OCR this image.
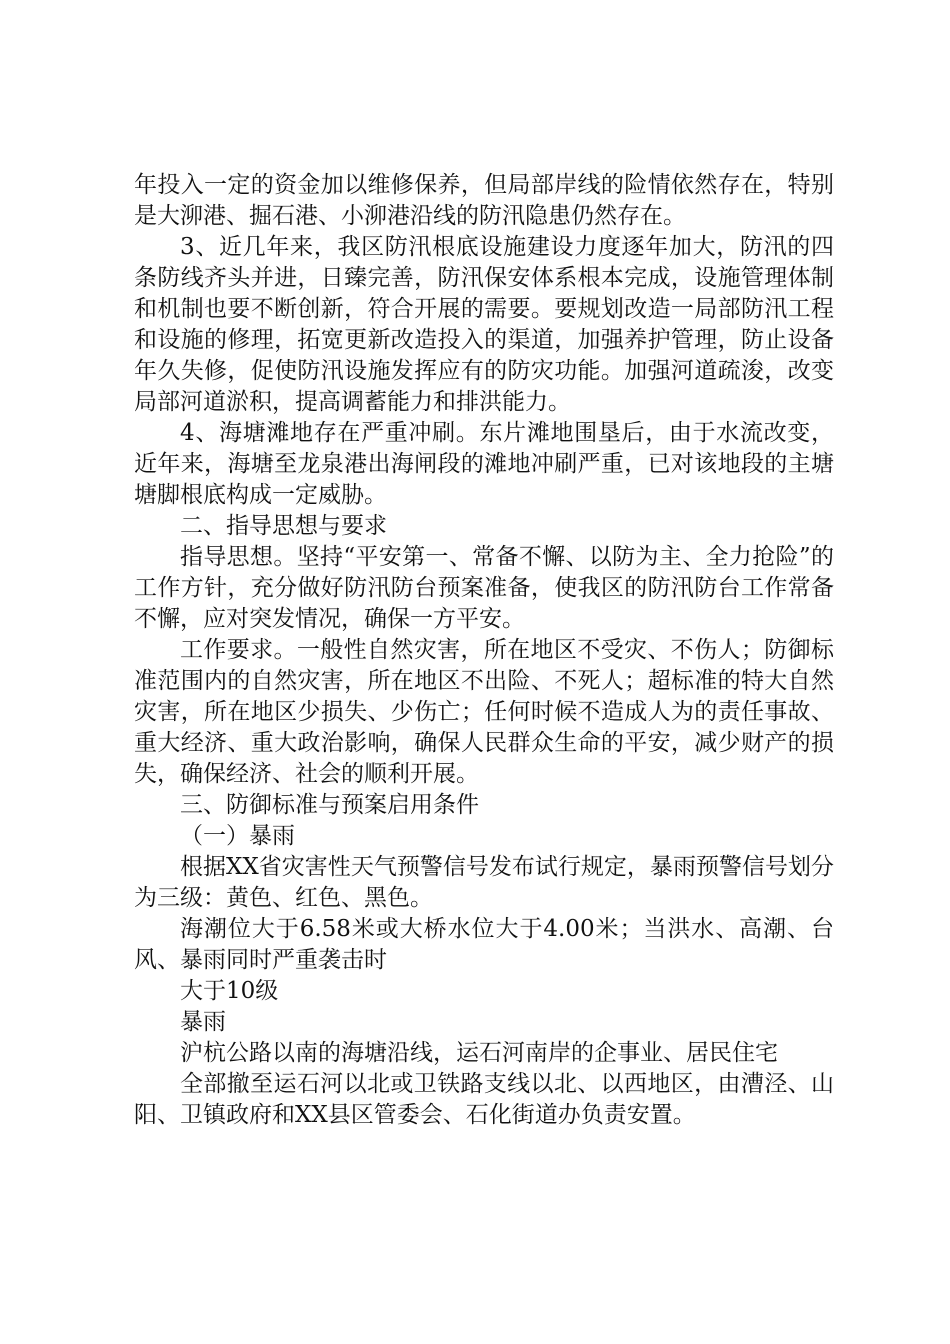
年投入一定的资金加以维修保养，但局部岸线的险情依然存在，特别是大泖港、掘石港、小泖港沿线的防汛隐患仍然存在。

3、近几年来，我区防汛根底设施建设力度逐年加大，防汛的四条防线齐头并进，日臻完善，防汛保安体系根本完成，设施管理体制和机制也要不断创新，符合开展的需要。要规划改造一局部防汛工程和设施的修理，拓宽更新改造投入的渠道，加强养护管理，防止设备年久失修，促使防汛设施发挥应有的防灾功能。加强河道疏浚，改变局部河道淤积，提高调蓄能力和排洪能力。

4、海塘滩地存在严重冲刷。东片滩地围垦后，由于水流改变，近年来，海塘至龙泉港出海闸段的滩地冲刷严重，已对该地段的主塘塘脚根底构成一定威胁。

二、指导思想与要求

指导思想。坚持“平安第一、常备不懈、以防为主、全力抢险”的工作方针，充分做好防汛防台预案准备，使我区的防汛防台工作常备不懈，应对突发情况，确保一方平安。

工作要求。一般性自然灾害，所在地区不受灾、不伤人；防御标准范围内的自然灾害，所在地区不出险、不死人；超标准的特大自然灾害，所在地区少损失、少伤亡；任何时候不造成人为的责任事故、重大经济、重大政治影响，确保人民群众生命的平安，减少财产的损失，确保经济、社会的顺利开展。

三、防御标准与预案启用条件

（一）暴雨

根据XX省灾害性天气预警信号发布试行规定，暴雨预警信号划分为三级：黄色、红色、黑色。

海潮位大于6.58米或大桥水位大于4.00米；当洪水、高潮、台风、暴雨同时严重袭击时

大于10级

暴雨

沪杭公路以南的海塘沿线，运石河南岸的企事业、居民住宅

全部撤至运石河以北或卫铁路支线以北、以西地区，由漕泾、山阳、卫镇政府和XX县区管委会、石化街道办负责安置。
